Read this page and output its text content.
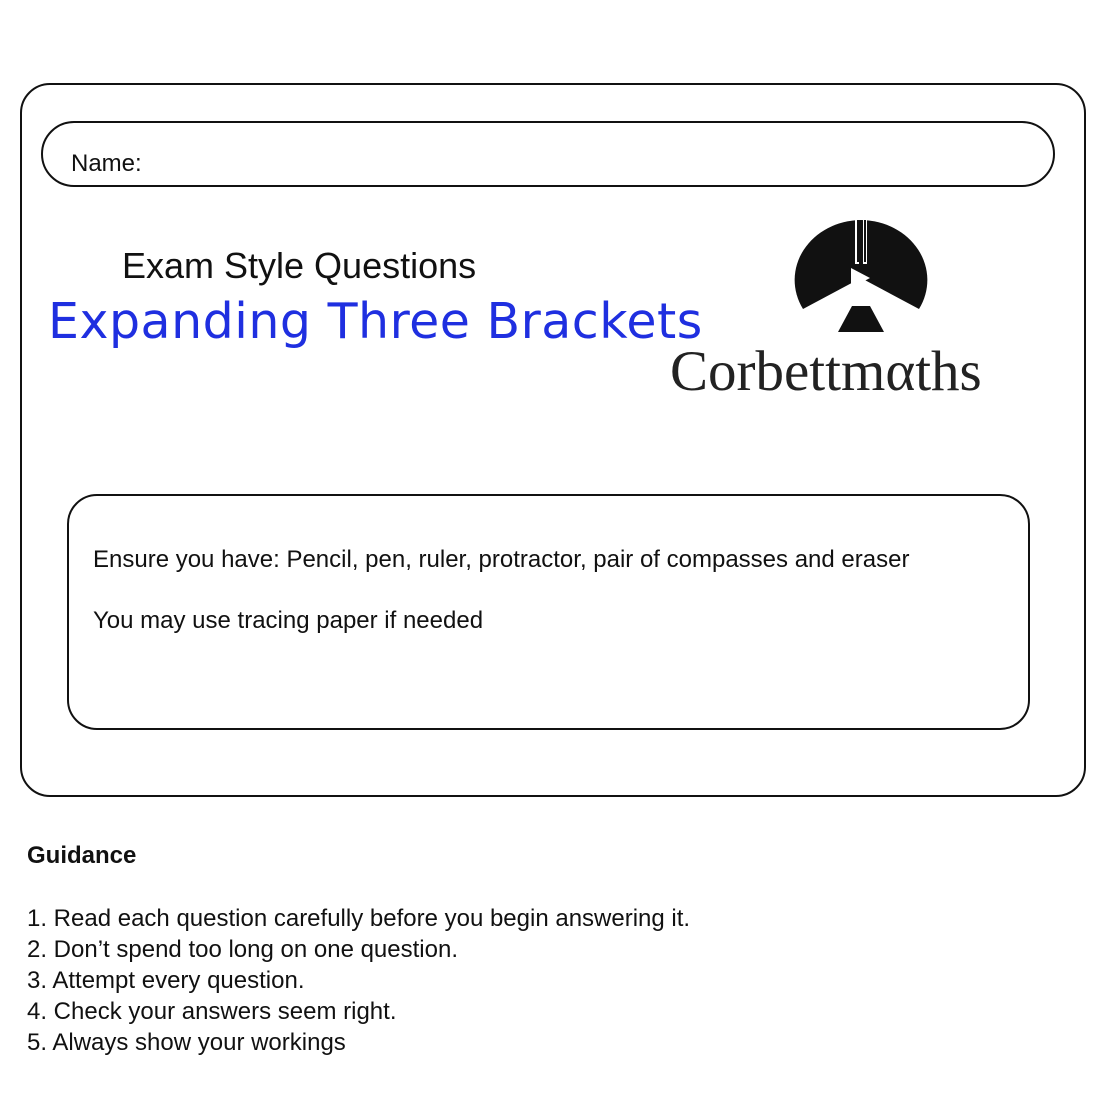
Name:
Exam Style Questions
Expanding Three Brackets
Corbettmαths
Ensure you have: Pencil, pen, ruler, protractor, pair of compasses and eraser
You may use tracing paper if needed
Guidance
1. Read each question carefully before you begin answering it.
2. Don’t spend too long on one question.
3. Attempt every question.
4. Check your answers seem right.
5. Always show your workings
